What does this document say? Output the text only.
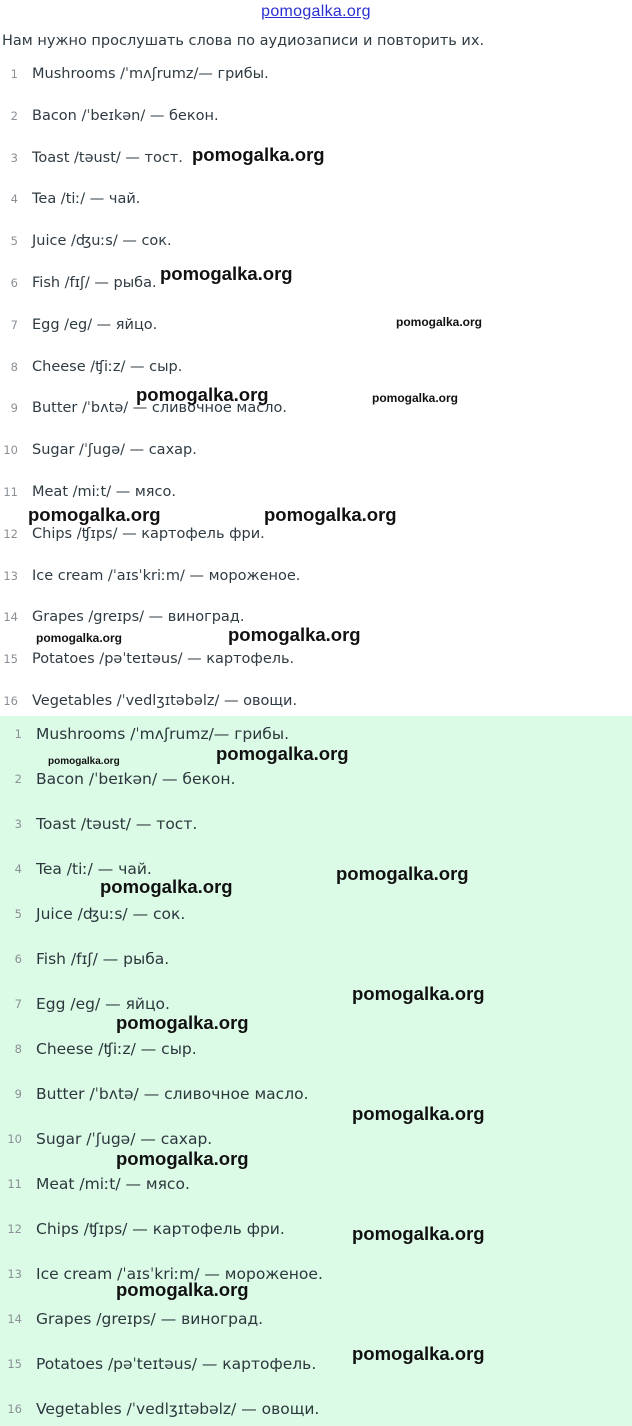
pomogalka.org
Нам нужно прослушать слова по аудиозаписи и повторить их.
1 Mushrooms /ˈmʌʃrumz/— грибы.
2 Bacon /ˈbeɪkən/ — бекон.
3 Toast /təust/ — тост.
4 Tea /tiː/ — чай.
5 Juice /ʤuːs/ — сок.
6 Fish /fɪʃ/ — рыба.
7 Egg /eg/ — яйцо.
8 Cheese /ʧiːz/ — сыр.
9 Butter /ˈbʌtə/ — сливочное масло.
10 Sugar /ˈʃugə/ — сахар.
11 Meat /miːt/ — мясо.
12 Chips /ʧɪps/ — картофель фри.
13 Ice cream /ˈaɪsˈkriːm/ — мороженое.
14 Grapes /greɪps/ — виноград.
15 Potatoes /pəˈteɪtəus/ — картофель.
16 Vegetables /ˈvedlʒɪtəbəlz/ — овощи.
1 Mushrooms /ˈmʌʃrumz/— грибы.
2 Bacon /ˈbeɪkən/ — бекон.
3 Toast /təust/ — тост.
4 Tea /tiː/ — чай.
5 Juice /ʤuːs/ — сок.
6 Fish /fɪʃ/ — рыба.
7 Egg /eg/ — яйцо.
8 Cheese /ʧiːz/ — сыр.
9 Butter /ˈbʌtə/ — сливочное масло.
10 Sugar /ˈʃugə/ — сахар.
11 Meat /miːt/ — мясо.
12 Chips /ʧɪps/ — картофель фри.
13 Ice cream /ˈaɪsˈkriːm/ — мороженое.
14 Grapes /greɪps/ — виноград.
15 Potatoes /pəˈteɪtəus/ — картофель.
16 Vegetables /ˈvedlʒɪtəbəlz/ — овощи.
pomogalka.org
pomogalka.org
pomogalka.org
pomogalka.org	pomogalka.org
pomogalka.org	pomogalka.org
pomogalka.org
pomogalka.org
pomogalka.org	pomogalka.org
pomogalka.org
pomogalka.org
pomogalka.org
pomogalka.org
pomogalka.org
pomogalka.org
pomogalka.org
pomogalka.org
pomogalka.org
